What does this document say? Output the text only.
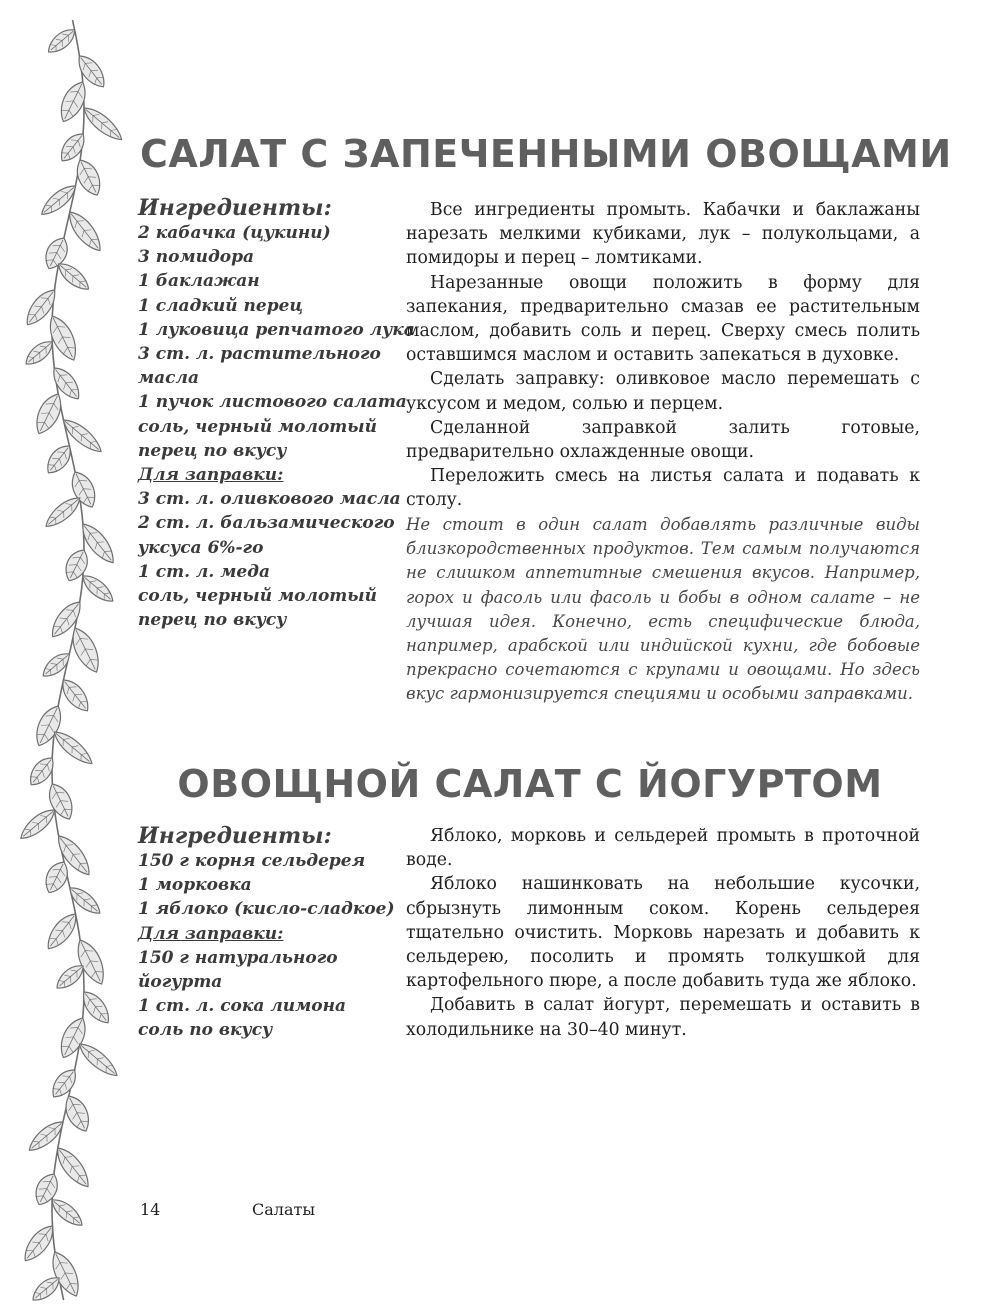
САЛАТ С ЗАПЕЧЕННЫМИ ОВОЩАМИ
Ингредиенты:
2 кабачка (цукини)
3 помидора
1 баклажан
1 сладкий перец
1 луковица репчатого лука
3 ст. л. растительного
масла
1 пучок листового салата
соль, черный молотый
перец по вкусу
Для заправки:
3 ст. л. оливкового масла
2 ст. л. бальзамического
уксуса 6%-го
1 ст. л. меда
соль, черный молотый
перец по вкусу

Все ингредиенты промыть. Кабачки и баклажаны нарезать мелкими кубиками, лук – полукольцами, а помидоры и перец – ломтиками.

Нарезанные овощи положить в форму для запекания, предварительно смазав ее растительным маслом, добавить соль и перец. Сверху смесь полить оставшимся маслом и оставить запекаться в духовке.

Сделать заправку: оливковое масло перемешать с уксусом и медом, солью и перцем.

Сделанной заправкой залить готовые, предварительно охлажденные овощи.

Переложить смесь на листья салата и подавать к столу.

Не стоит в один салат добавлять различные виды близкородственных продуктов. Тем самым получаются не слишком аппетитные смешения вкусов. Например, горох и фасоль или фасоль и бобы в одном салате – не лучшая идея. Конечно, есть специфические блюда, например, арабской или индийской кухни, где бобовые прекрасно сочетаются с крупами и овощами. Но здесь вкус гармонизируется специями и особыми заправками.
ОВОЩНОЙ САЛАТ С ЙОГУРТОМ
Ингредиенты:
150 г корня сельдерея
1 морковка
1 яблоко (кисло-сладкое)
Для заправки:
150 г натурального
йогурта
1 ст. л. сока лимона
соль по вкусу

Яблоко, морковь и сельдерей промыть в проточной воде.

Яблоко нашинковать на небольшие кусочки, сбрызнуть лимонным соком. Корень сельдерея тщательно очистить. Морковь нарезать и добавить к сельдерею, посолить и промять толкушкой для картофельного пюре, а после добавить туда же яблоко.

Добавить в салат йогурт, перемешать и оставить в холодильнике на 30–40 минут.

14	Салаты
